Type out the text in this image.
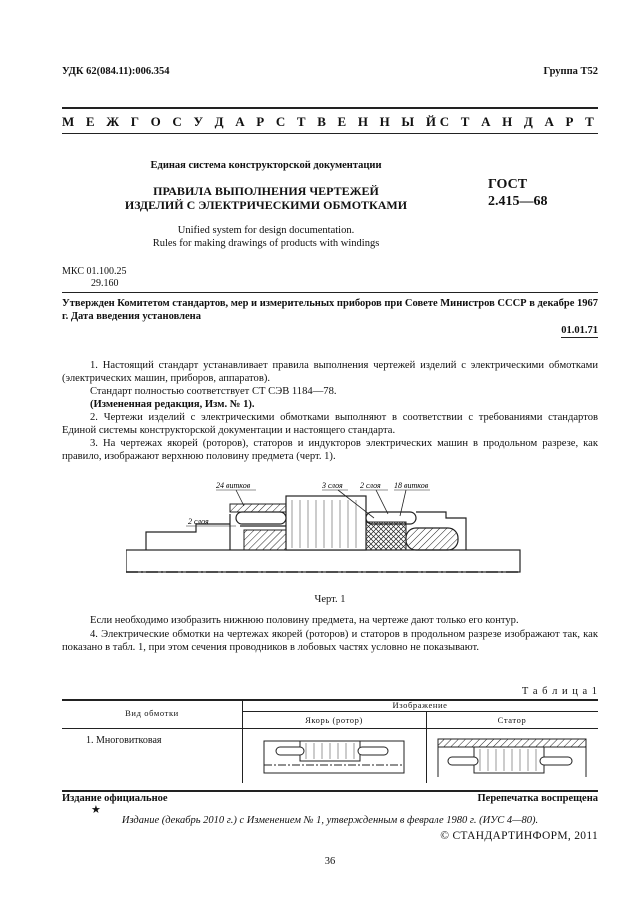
УДК 62(084.11):006.354	Группа Т52
М Е Ж Г О С У Д А Р С Т В Е Н Н Ы Й С Т А Н Д А Р Т
Единая система конструкторской документации
ПРАВИЛА ВЫПОЛНЕНИЯ ЧЕРТЕЖЕЙ
ИЗДЕЛИЙ С ЭЛЕКТРИЧЕСКИМИ ОБМОТКАМИ
Unified system for design documentation.
Rules for making drawings of products with windings
ГОСТ
2.415—68
МКС 01.100.25
29.160
Утвержден Комитетом стандартов, мер и измерительных приборов при Совете Министров СССР в декабре 1967 г. Дата введения установлена
01.01.71
1. Настоящий стандарт устанавливает правила выполнения чертежей изделий с электрическими обмотками (электрических машин, приборов, аппаратов).
Стандарт полностью соответствует СТ СЭВ 1184—78.
(Измененная редакция, Изм. № 1).
2. Чертежи изделий с электрическими обмотками выполняют в соответствии с требованиями стандартов Единой системы конструкторской документации и настоящего стандарта.
3. На чертежах якорей (роторов), статоров и индукторов электрических машин в продольном разрезе, как правило, изображают верхнюю половину предмета (черт. 1).
24 витков	3 слоя 2 слоя 18 витков
2 слоя
Черт. 1
Если необходимо изобразить нижнюю половину предмета, на чертеже дают только его контур.
4. Электрические обмотки на чертежах якорей (роторов) и статоров в продольном разрезе изображают так, как показано в табл. 1, при этом сечения проводников в лобовых частях условно не показывают.
Т а б л и ц а 1
Вид обмотки
Изображение
Якорь (ротор)	Статор
1. Многовитковая
Издание официальное	Перепечатка воспрещена
★
Издание (декабрь 2010 г.) с Изменением № 1, утвержденным в феврале 1980 г. (ИУС 4—80).
© СТАНДАРТИНФОРМ, 2011
36
